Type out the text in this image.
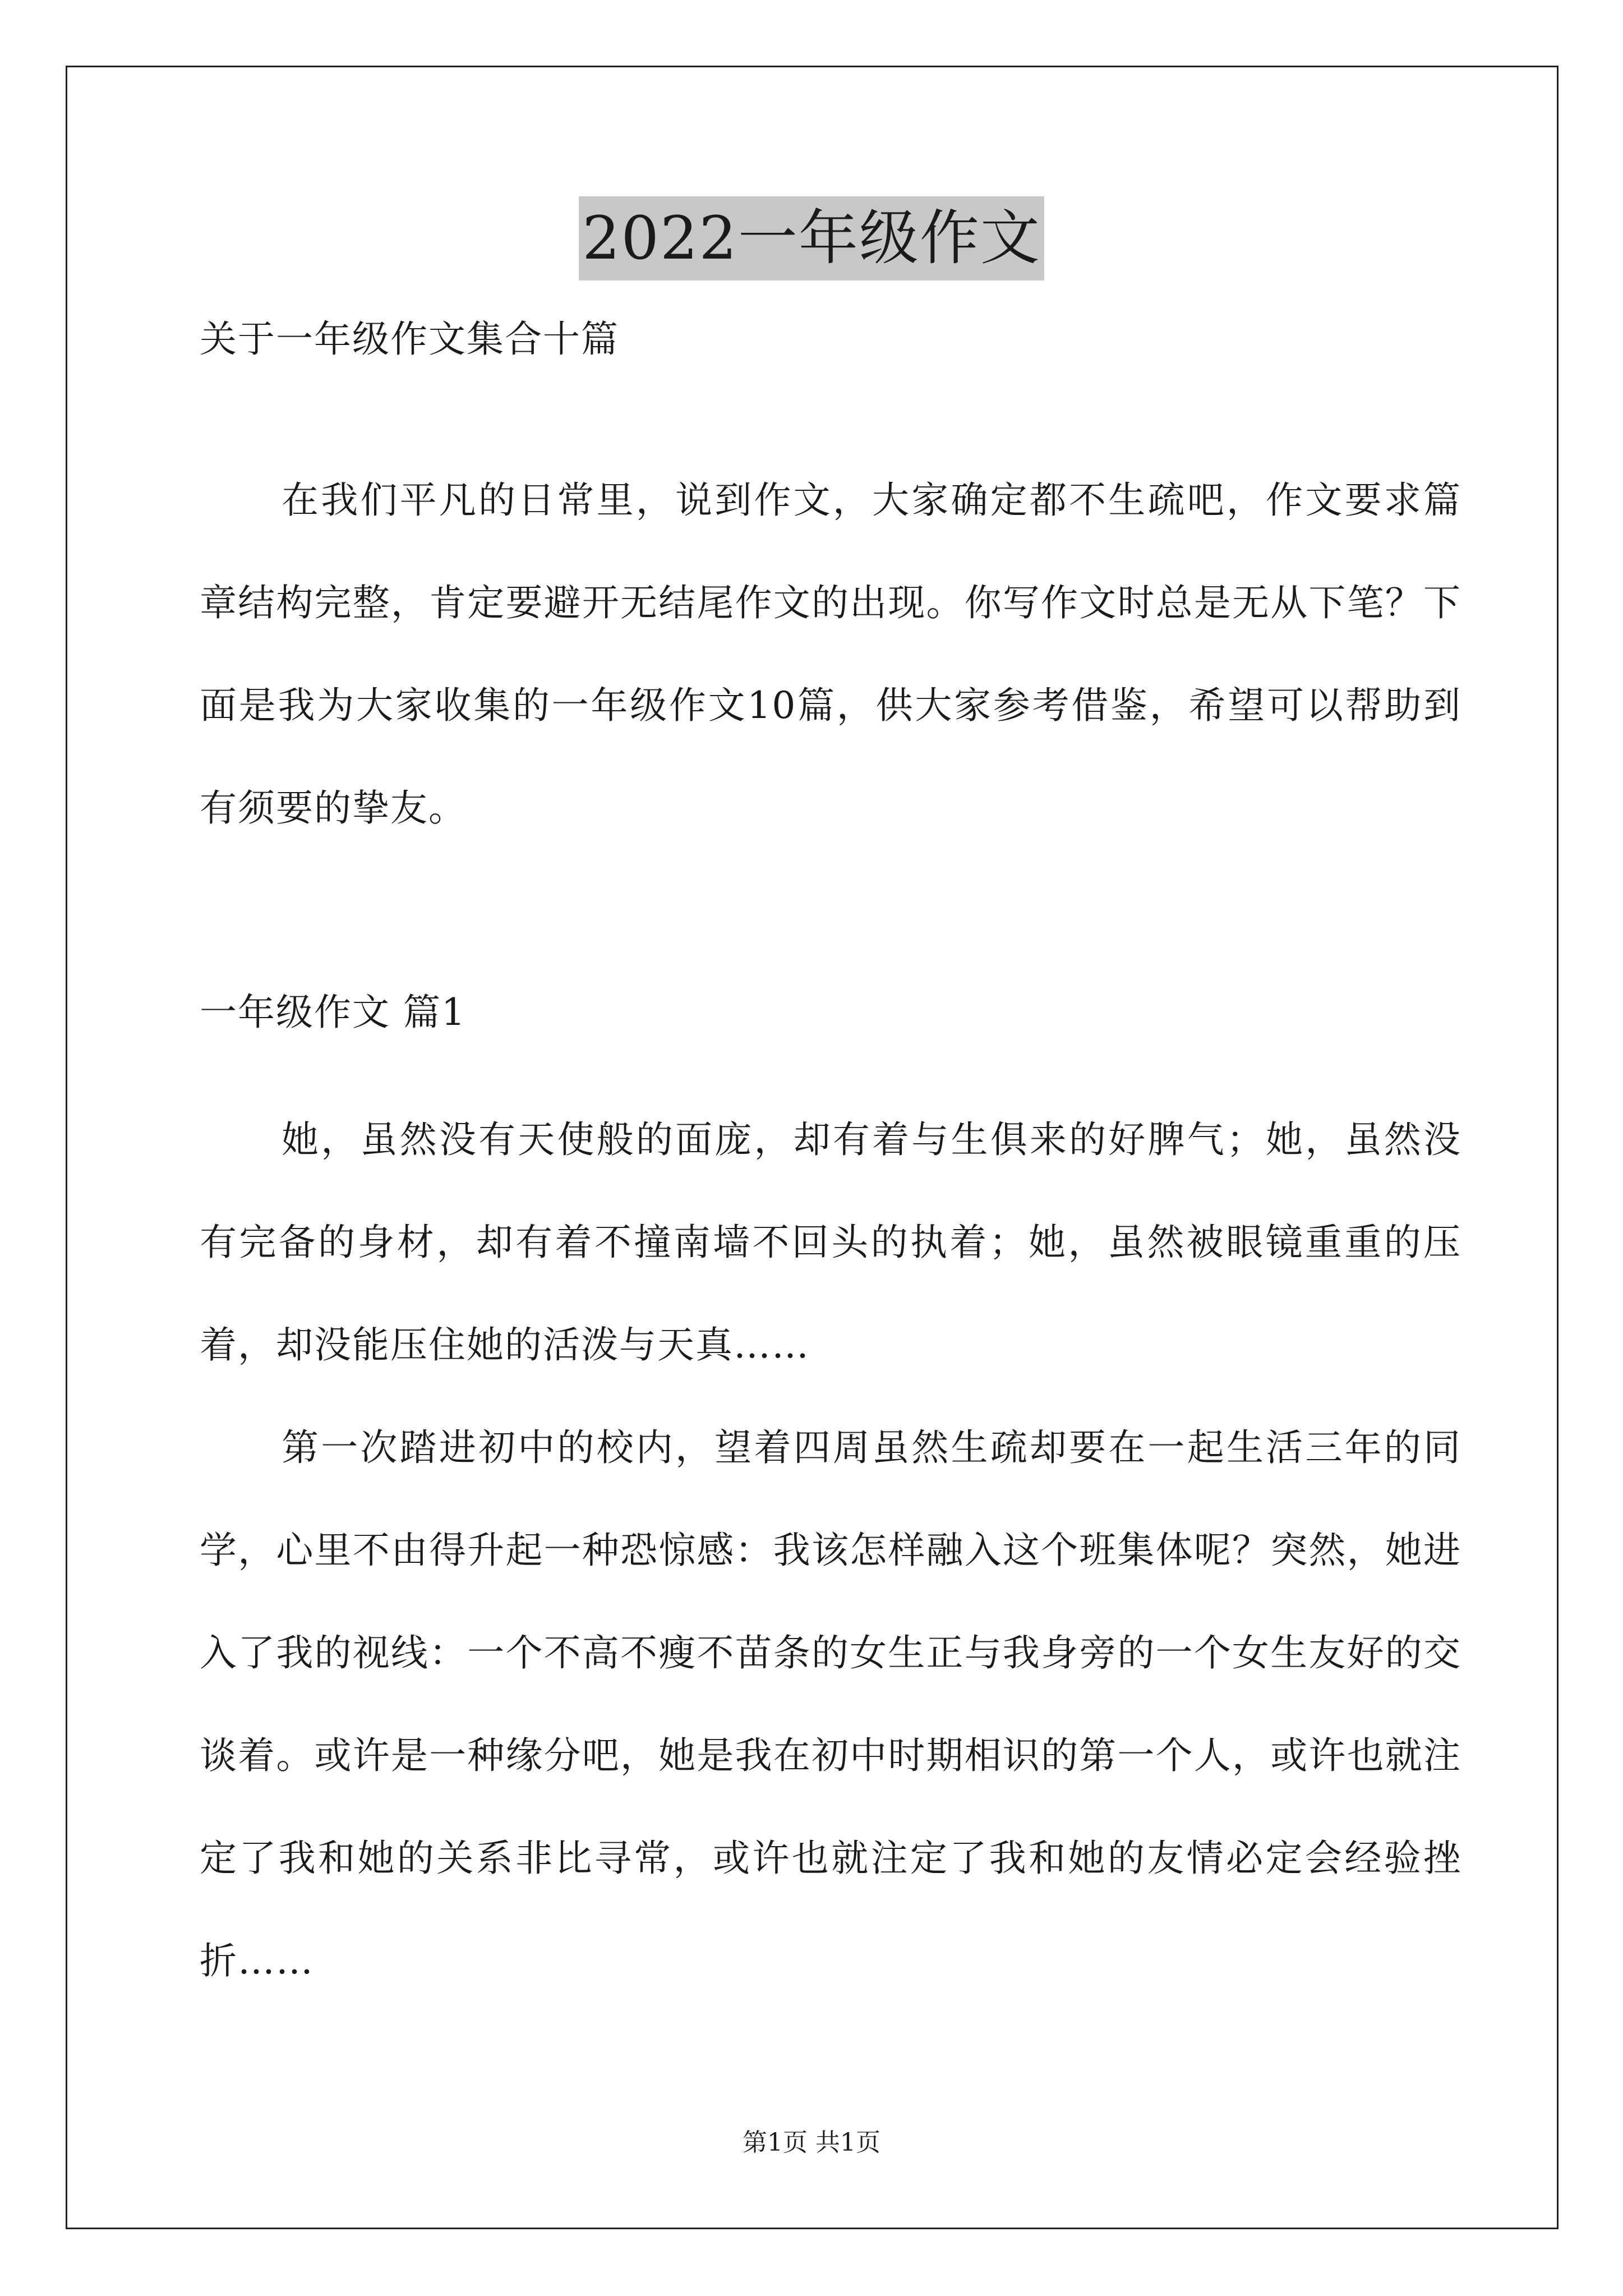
2022一年级作文
关于一年级作文集合十篇

在我们平凡的日常里，说到作文，大家确定都不生疏吧，作文要求篇章结构完整，肯定要避开无结尾作文的出现。你写作文时总是无从下笔？下面是我为大家收集的一年级作文10篇，供大家参考借鉴，希望可以帮助到有须要的挚友。

一年级作文 篇1

她，虽然没有天使般的面庞，却有着与生俱来的好脾气；她，虽然没有完备的身材，却有着不撞南墙不回头的执着；她，虽然被眼镜重重的压着，却没能压住她的活泼与天真……

第一次踏进初中的校内，望着四周虽然生疏却要在一起生活三年的同学，心里不由得升起一种恐惊感：我该怎样融入这个班集体呢？突然，她进入了我的视线：一个不高不瘦不苗条的女生正与我身旁的一个女生友好的交谈着。或许是一种缘分吧，她是我在初中时期相识的第一个人，或许也就注定了我和她的关系非比寻常，或许也就注定了我和她的友情必定会经验挫折……

第1页 共1页
